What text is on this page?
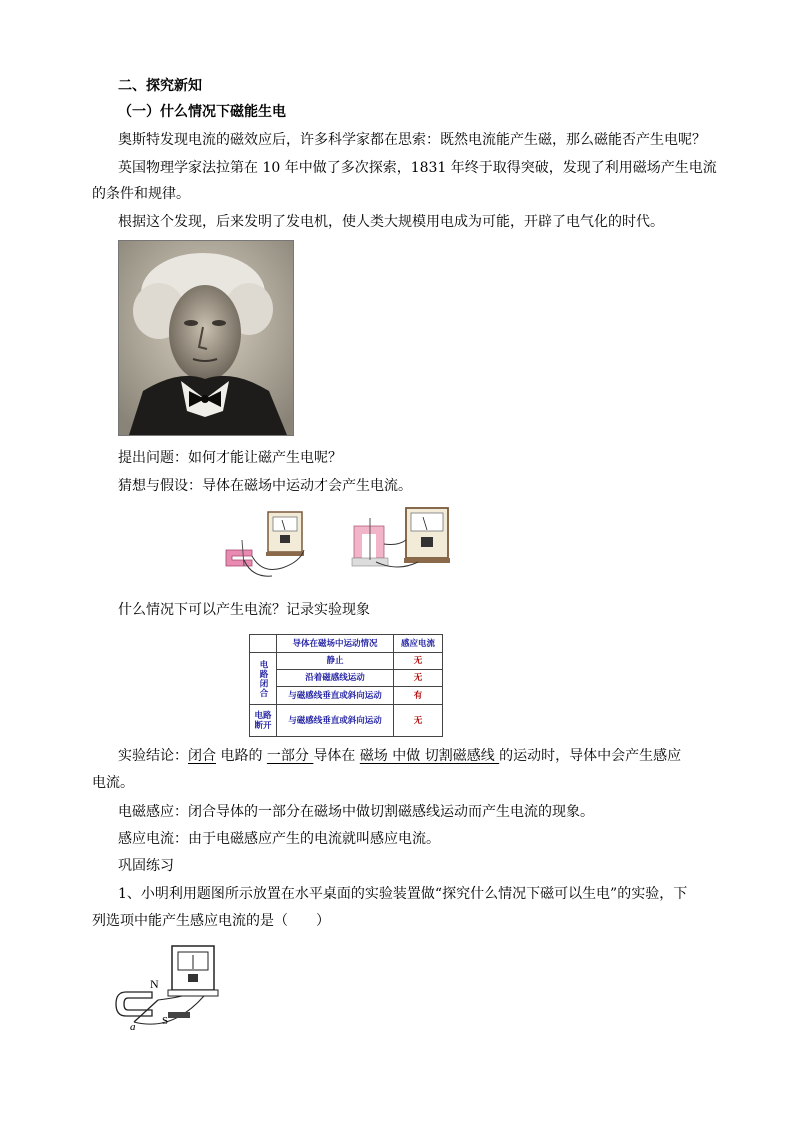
二、探究新知
（一）什么情况下磁能生电
奥斯特发现电流的磁效应后，许多科学家都在思索：既然电流能产生磁，那么磁能否产生电呢？
英国物理学家法拉第在 10 年中做了多次探索，1831 年终于取得突破，发现了利用磁场产生电流
的条件和规律。
根据这个发现，后来发明了发电机，使人类大规模用电成为可能，开辟了电气化的时代。
提出问题：如何才能让磁产生电呢？
猜想与假设：导体在磁场中运动才会产生电流。
什么情况下可以产生电流？记录实验现象
	导体在磁场中运动情况	感应电流
电路闭合	静止	无
	沿着磁感线运动	无
	与磁感线垂直或斜向运动	有

电路
断开	与磁感线垂直或斜向运动	无
实验结论：闭合 电路的 一部分 导体在 磁场 中做 切割磁感线 的运动时，导体中会产生感应
电流。
电磁感应：闭合导体的一部分在磁场中做切割磁感线运动而产生电流的现象。
感应电流：由于电磁感应产生的电流就叫感应电流。
巩固练习
1、小明利用题图所示放置在水平桌面的实验装置做“探究什么情况下磁可以生电”的实验，下
列选项中能产生感应电流的是（　　）
N
S
a
